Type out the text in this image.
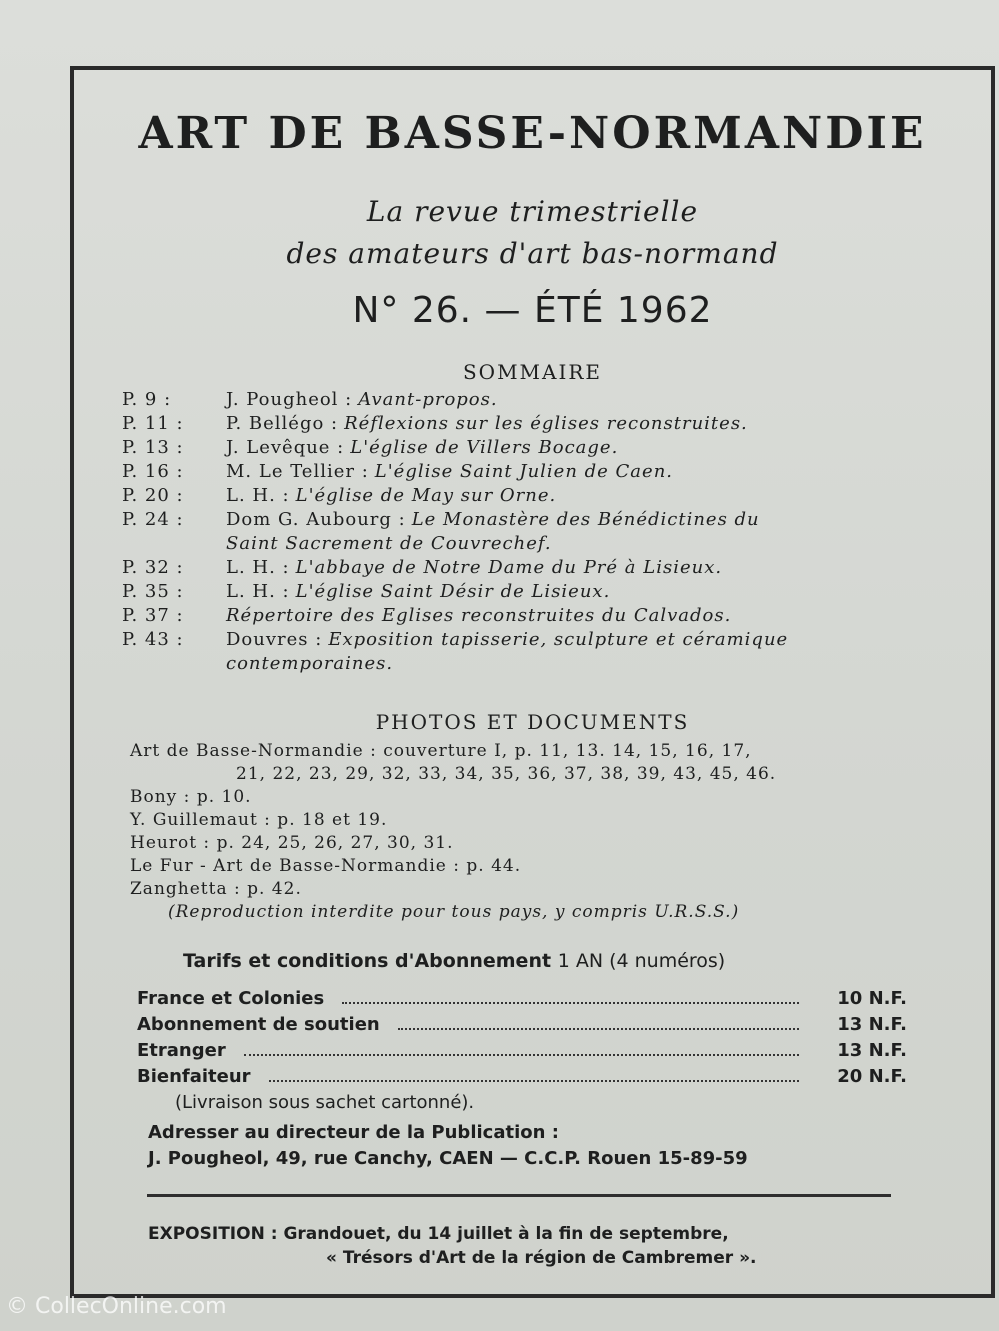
ART DE BASSE-NORMANDIE
La revue trimestrielle
des amateurs d'art bas-normand
N° 26. — ÉTÉ 1962
SOMMAIRE
P. 9 :	J. Pougheol : Avant-propos.
P. 11 :	P. Bellégo : Réflexions sur les églises reconstruites.
P. 13 :	J. Levêque : L'église de Villers Bocage.
P. 16 :	M. Le Tellier : L'église Saint Julien de Caen.
P. 20 :	L. H. : L'église de May sur Orne.
P. 24 :	Dom G. Aubourg : Le Monastère des Bénédictines du
Saint Sacrement de Couvrechef.
P. 32 :	L. H. : L'abbaye de Notre Dame du Pré à Lisieux.
P. 35 :	L. H. : L'église Saint Désir de Lisieux.
P. 37 :	Répertoire des Eglises reconstruites du Calvados.
P. 43 :	Douvres : Exposition tapisserie, sculpture et céramique
contemporaines.
PHOTOS ET DOCUMENTS
Art de Basse-Normandie : couverture I, p. 11, 13. 14, 15, 16, 17,
21, 22, 23, 29, 32, 33, 34, 35, 36, 37, 38, 39, 43, 45, 46.
Bony : p. 10.
Y. Guillemaut : p. 18 et 19.
Heurot : p. 24, 25, 26, 27, 30, 31.
Le Fur - Art de Basse-Normandie : p. 44.
Zanghetta : p. 42.
(Reproduction interdite pour tous pays, y compris U.R.S.S.)
Tarifs et conditions d'Abonnement 1 AN (4 numéros)
France et Colonies	10 N.F.
Abonnement de soutien	13 N.F.
Etranger	13 N.F.
Bienfaiteur	20 N.F.
(Livraison sous sachet cartonné).
Adresser au directeur de la Publication :
J. Pougheol, 49, rue Canchy, CAEN — C.C.P. Rouen 15-89-59
EXPOSITION : Grandouet, du 14 juillet à la fin de septembre,
« Trésors d'Art de la région de Cambremer ».
© CollecOnline.com
